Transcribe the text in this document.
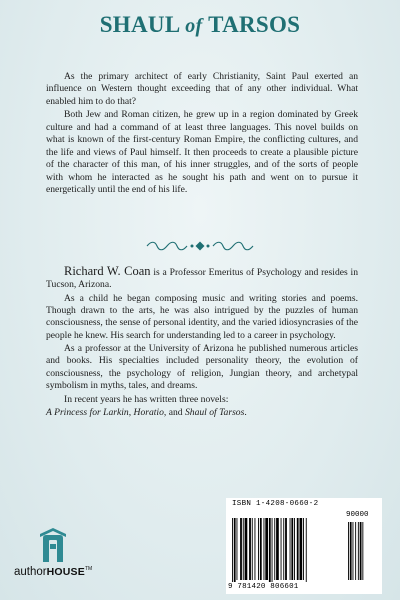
SHAUL of TARSOS

As the primary architect of early Christianity, Saint Paul exerted an influence on Western thought exceeding that of any other individual. What enabled him to do that?

Both Jew and Roman citizen, he grew up in a region dominated by Greek culture and had a command of at least three languages. This novel builds on what is known of the first-century Roman Empire, the conflicting cultures, and the life and views of Paul himself. It then proceeds to create a plausible picture of the character of this man, of his inner struggles, and of the sorts of people with whom he interacted as he sought his path and went on to pursue it energetically until the end of his life.

Richard W. Coan is a Professor Emeritus of Psychology and resides in Tucson, Arizona.

As a child he began composing music and writing stories and poems. Though drawn to the arts, he was also intrigued by the puzzles of human consciousness, the sense of personal identity, and the varied idiosyncrasies of the people he knew. His search for understanding led to a career in psychology.

As a professor at the University of Arizona he published numerous articles and books. His specialties included personality theory, the evolution of consciousness, the psychology of religion, Jungian theory, and archetypal symbolism in myths, tales, and dreams.

In recent years he has written three novels:

A Princess for Larkin, Horatio, and Shaul of Tarsos.

authorHOUSE™
ISBN 1-4208-0660-2
90000
9 781420 806601
